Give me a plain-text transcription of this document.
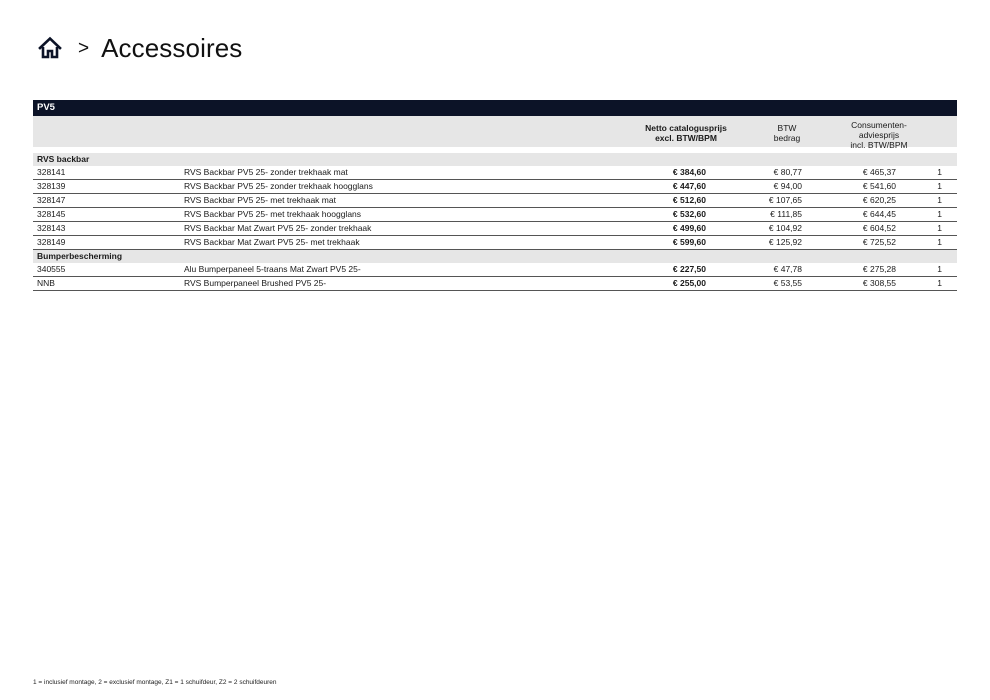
> Accessoires
PV5
Netto catalogusprijs
excl. BTW/BPM
BTW
bedrag
Consumenten-
adviesprijs
incl. BTW/BPM
RVS backbar
328141	RVS Backbar PV5 25- zonder trekhaak mat	€ 384,60	€ 80,77	€ 465,37	1
328139	RVS Backbar PV5 25- zonder trekhaak hoogglans	€ 447,60	€ 94,00	€ 541,60	1
328147	RVS Backbar PV5 25- met trekhaak mat	€ 512,60	€ 107,65	€ 620,25	1
328145	RVS Backbar PV5 25- met trekhaak hoogglans	€ 532,60	€ 111,85	€ 644,45	1
328143	RVS Backbar Mat Zwart PV5 25- zonder trekhaak	€ 499,60	€ 104,92	€ 604,52	1
328149	RVS Backbar Mat Zwart PV5 25- met trekhaak	€ 599,60	€ 125,92	€ 725,52	1
Bumperbescherming
340555	Alu Bumperpaneel 5-traans Mat Zwart PV5 25-	€ 227,50	€ 47,78	€ 275,28	1
NNB	RVS Bumperpaneel Brushed PV5 25-	€ 255,00	€ 53,55	€ 308,55	1
1 = inclusief montage, 2 = exclusief montage, Z1 = 1 schuifdeur, Z2 = 2 schuifdeuren
